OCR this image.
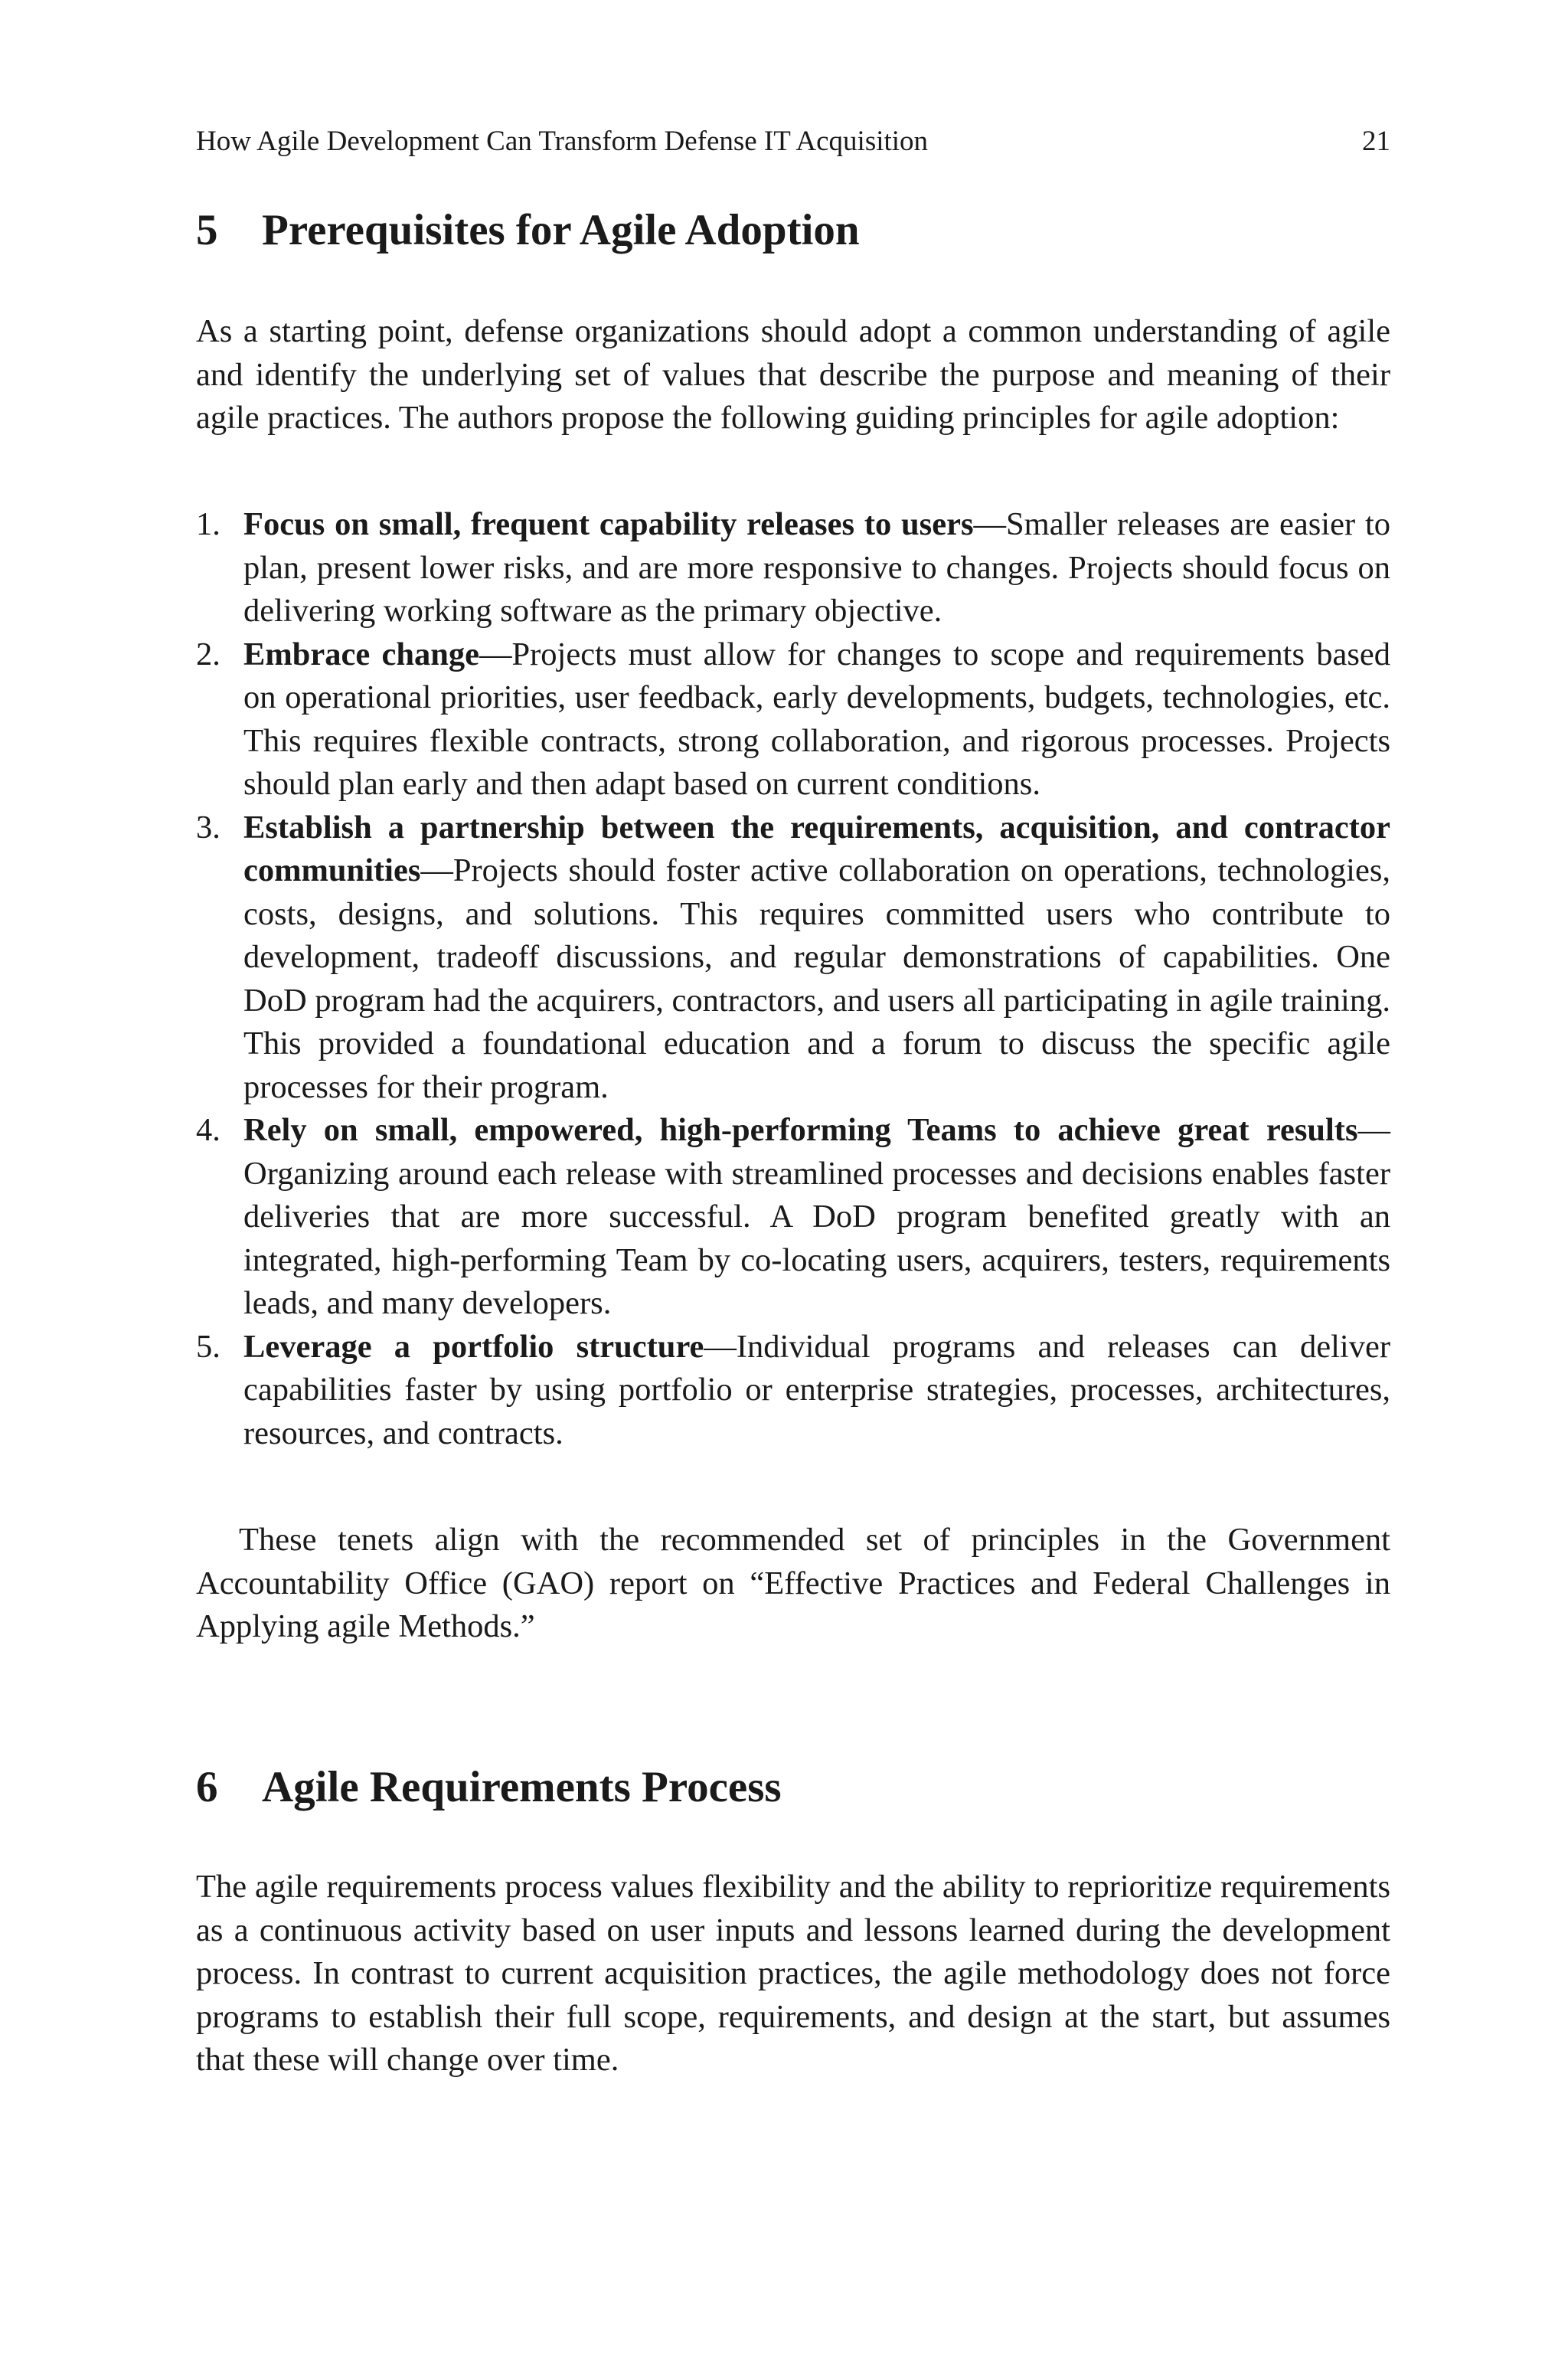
How Agile Development Can Transform Defense IT Acquisition	21
5 Prerequisites for Agile Adoption

As a starting point, defense organizations should adopt a common understanding of agile and identify the underlying set of values that describe the purpose and meaning of their agile practices. The authors propose the following guiding principles for agile adoption:

1. Focus on small, frequent capability releases to users—Smaller releases are easier to plan, present lower risks, and are more responsive to changes. Projects should focus on delivering working software as the primary objective.
2. Embrace change—Projects must allow for changes to scope and requirements based on operational priorities, user feedback, early developments, budgets, technologies, etc. This requires flexible contracts, strong collaboration, and rigorous processes. Projects should plan early and then adapt based on current conditions.
3. Establish a partnership between the requirements, acquisition, and contractor communities—Projects should foster active collaboration on operations, technologies, costs, designs, and solutions. This requires committed users who contribute to development, tradeoff discussions, and regular demonstrations of capabilities. One DoD program had the acquirers, contractors, and users all participating in agile training. This provided a foundational education and a forum to discuss the specific agile processes for their program.
4. Rely on small, empowered, high-performing Teams to achieve great results—Organizing around each release with streamlined processes and decisions enables faster deliveries that are more successful. A DoD program benefited greatly with an integrated, high-performing Team by co-locating users, acquirers, testers, requirements leads, and many developers.
5. Leverage a portfolio structure—Individual programs and releases can deliver capabilities faster by using portfolio or enterprise strategies, processes, architectures, resources, and contracts.

These tenets align with the recommended set of principles in the Government Accountability Office (GAO) report on “Effective Practices and Federal Challenges in Applying agile Methods.”

6 Agile Requirements Process

The agile requirements process values flexibility and the ability to reprioritize requirements as a continuous activity based on user inputs and lessons learned during the development process. In contrast to current acquisition practices, the agile methodology does not force programs to establish their full scope, requirements, and design at the start, but assumes that these will change over time.
